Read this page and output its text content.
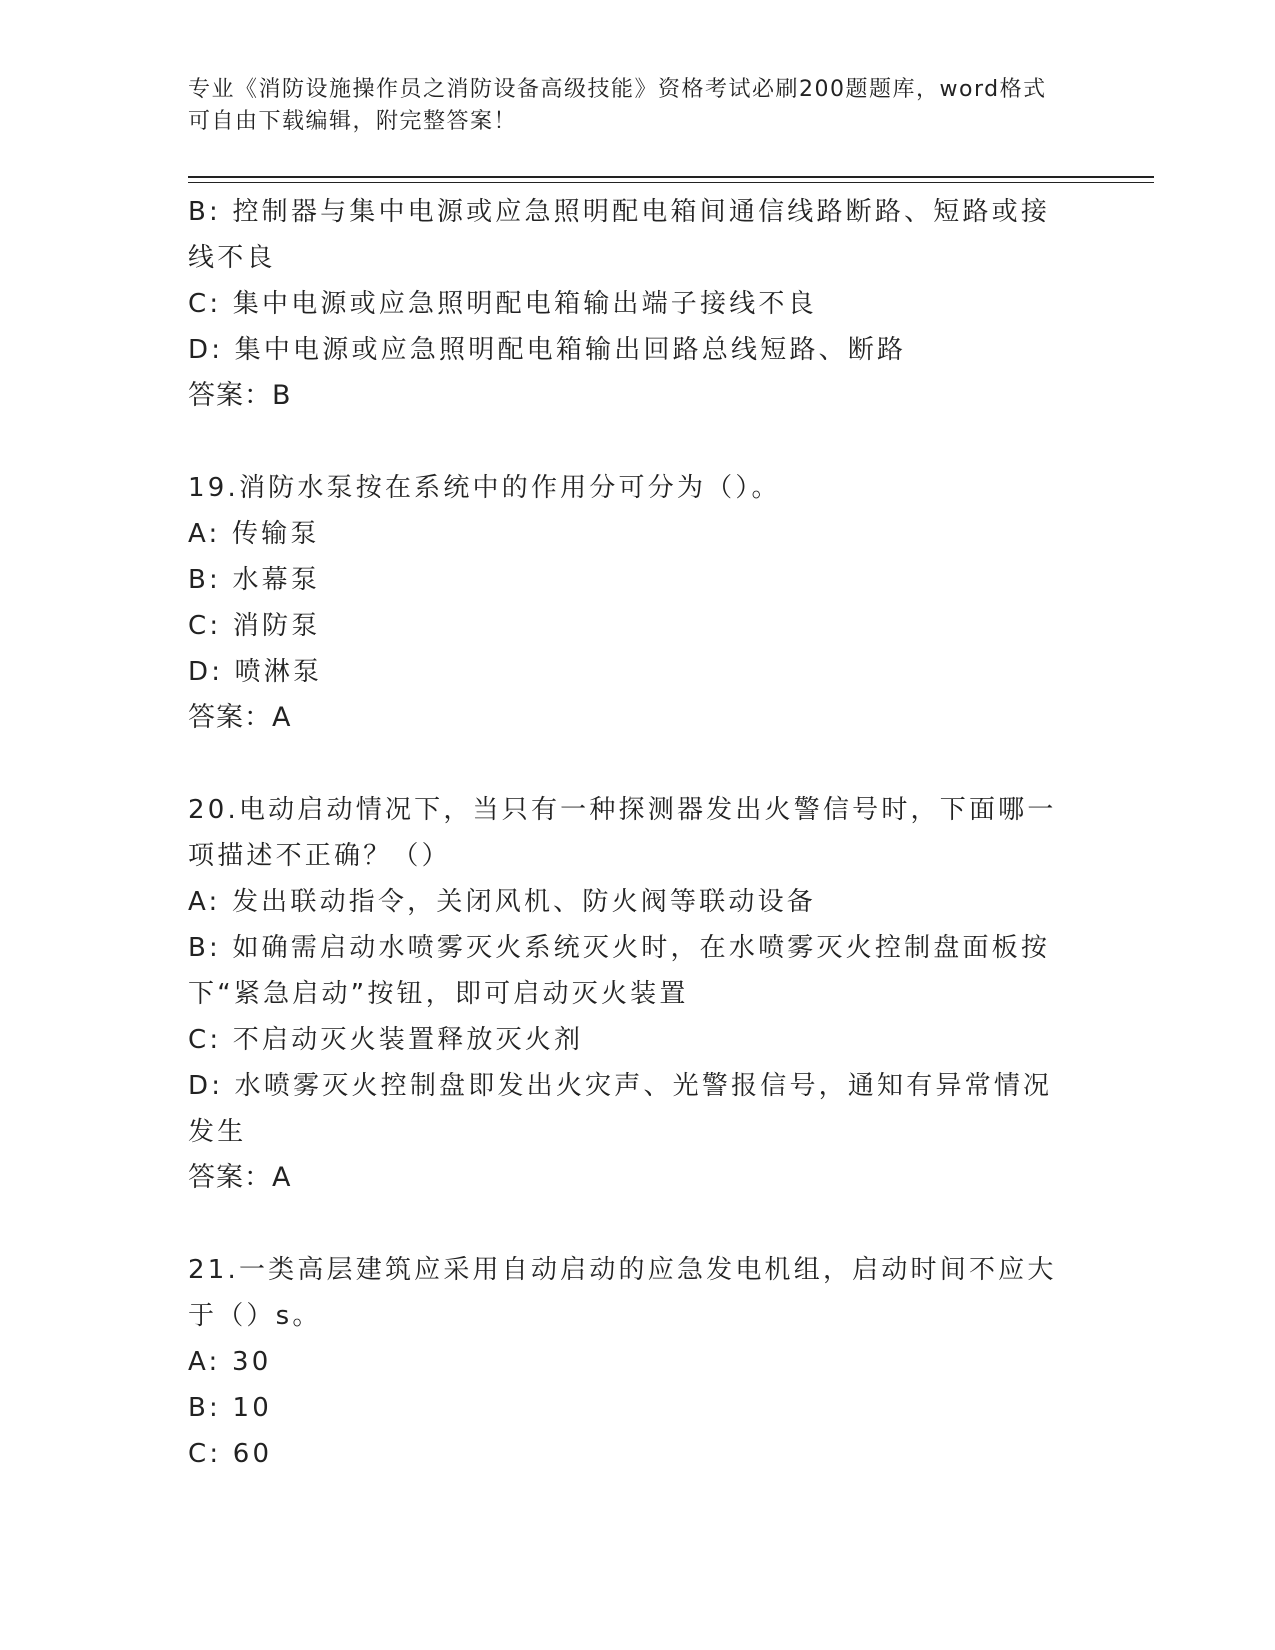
专业《消防设施操作员之消防设备高级技能》资格考试必刷200题题库，word格式可自由下载编辑，附完整答案！
B: 控制器与集中电源或应急照明配电箱间通信线路断路、短路或接线不良
C: 集中电源或应急照明配电箱输出端子接线不良
D: 集中电源或应急照明配电箱输出回路总线短路、断路
答案：B
19.消防水泵按在系统中的作用分可分为（）。
A: 传输泵
B: 水幕泵
C: 消防泵
D: 喷淋泵
答案：A
20.电动启动情况下，当只有一种探测器发出火警信号时，下面哪一项描述不正确？（）
A: 发出联动指令，关闭风机、防火阀等联动设备
B: 如确需启动水喷雾灭火系统灭火时，在水喷雾灭火控制盘面板按下“紧急启动”按钮，即可启动灭火装置
C: 不启动灭火装置释放灭火剂
D: 水喷雾灭火控制盘即发出火灾声、光警报信号，通知有异常情况发生
答案：A
21.一类高层建筑应采用自动启动的应急发电机组，启动时间不应大于（）s。
A: 30
B: 10
C: 60
